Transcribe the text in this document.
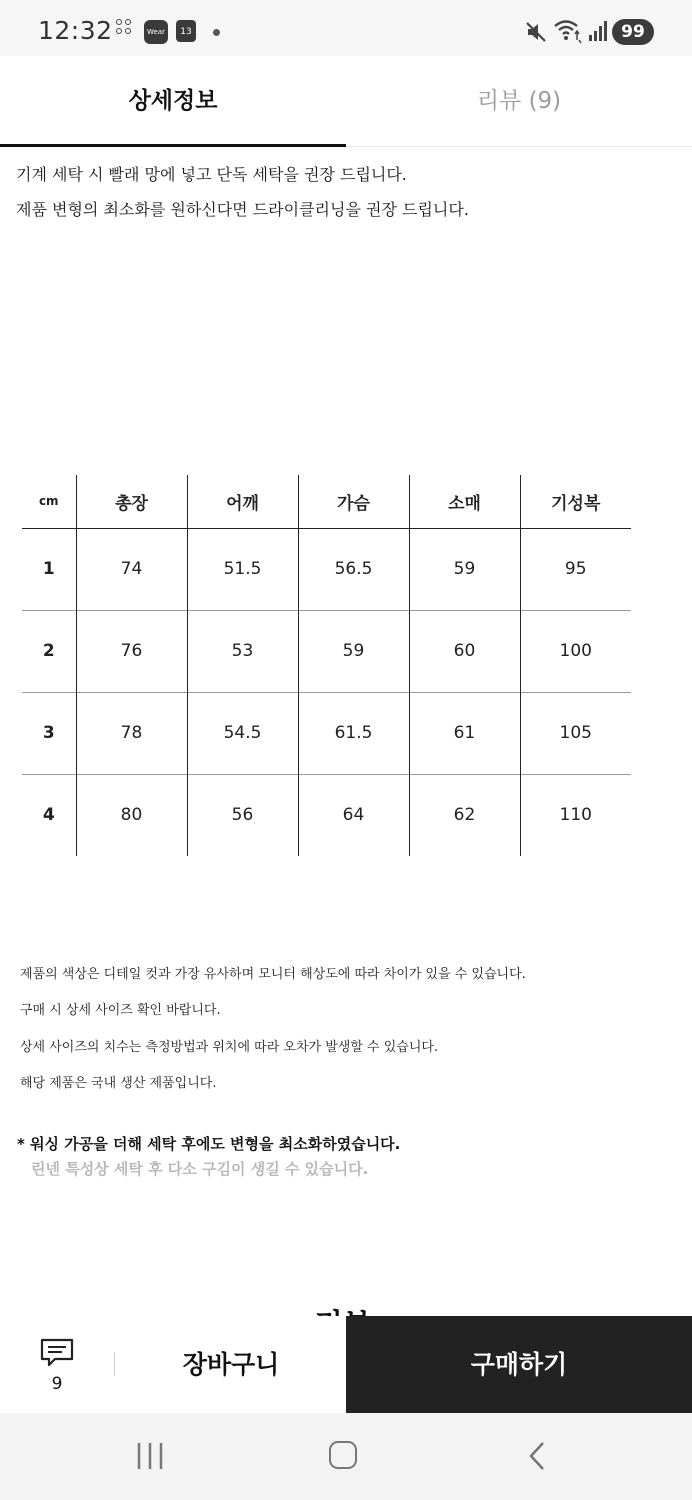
12:32	Wear	13	99
상세정보	리뷰 (9)
기계 세탁 시 빨래 망에 넣고 단독 세탁을 권장 드립니다.
제품 변형의 최소화를 원하신다면 드라이클리닝을 권장 드립니다.
cm	총장	어깨	가슴	소매	기성복
1	74	51.5	56.5	59	95
2	76	53	59	60	100
3	78	54.5	61.5	61	105
4	80	56	64	62	110
제품의 색상은 디테일 컷과 가장 유사하며 모니터 해상도에 따라 차이가 있을 수 있습니다.
구매 시 상세 사이즈 확인 바랍니다.
상세 사이즈의 치수는 측정방법과 위치에 따라 오차가 발생할 수 있습니다.
해당 제품은 국내 생산 제품입니다.
* 워싱 가공을 더해 세탁 후에도 변형을 최소화하였습니다.
린넨 특성상 세탁 후 다소 구김이 생길 수 있습니다.
9
장바구니	구매하기
